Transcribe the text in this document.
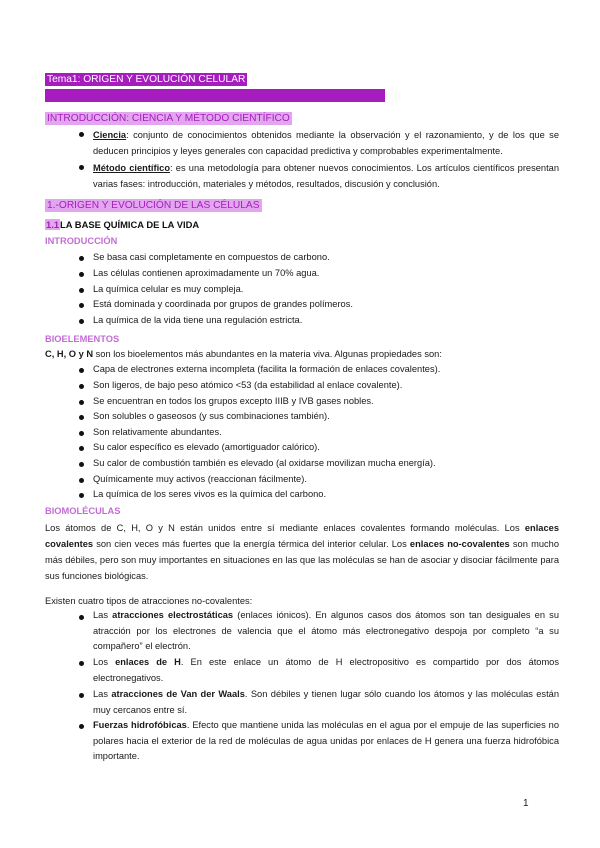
Tema1: ORIGEN Y EVOLUCIÓN CELULAR
INTRODUCCIÓN: CIENCIA Y MÉTODO CIENTÍFICO
Ciencia: conjunto de conocimientos obtenidos mediante la observación y el razonamiento, y de los que se deducen principios y leyes generales con capacidad predictiva y comprobables experimentalmente.
Método científico: es una metodología para obtener nuevos conocimientos. Los artículos científicos presentan varias fases: introducción, materiales y métodos, resultados, discusión y conclusión.
1.-ORIGEN Y EVOLUCIÓN DE LAS CÉLULAS
1.1LA BASE QUÍMICA DE LA VIDA
INTRODUCCIÓN
Se basa casi completamente en compuestos de carbono.
Las células contienen aproximadamente un 70% agua.
La química celular es muy compleja.
Está dominada y coordinada por grupos de grandes polímeros.
La química de la vida tiene una regulación estricta.
BIOELEMENTOS
C, H, O y N son los bioelementos más abundantes en la materia viva. Algunas propiedades son:
Capa de electrones externa incompleta (facilita la formación de enlaces covalentes).
Son ligeros, de bajo peso atómico <53 (da estabilidad al enlace covalente).
Se encuentran en todos los grupos excepto IIIB y IVB gases nobles.
Son solubles o gaseosos (y sus combinaciones también).
Son relativamente abundantes.
Su calor específico es elevado (amortiguador calórico).
Su calor de combustión también es elevado (al oxidarse movilizan mucha energía).
Químicamente muy activos (reaccionan fácilmente).
La química de los seres vivos es la química del carbono.
BIOMOLÉCULAS
Los átomos de C, H, O y N están unidos entre sí mediante enlaces covalentes formando moléculas. Los enlaces covalentes son cien veces más fuertes que la energía térmica del interior celular. Los enlaces no-covalentes son mucho más débiles, pero son muy importantes en situaciones en las que las moléculas se han de asociar y disociar fácilmente para sus funciones biológicas.
Existen cuatro tipos de atracciones no-covalentes:
Las atracciones electrostáticas (enlaces iónicos). En algunos casos dos átomos son tan desiguales en su atracción por los electrones de valencia que el átomo más electronegativo despoja por completo “a su compañero” el electrón.
Los enlaces de H. En este enlace un átomo de H electropositivo es compartido por dos átomos electronegativos.
Las atracciones de Van der Waals. Son débiles y tienen lugar sólo cuando los átomos y las moléculas están muy cercanos entre sí.
Fuerzas hidrofóbicas. Efecto que mantiene unida las moléculas en el agua por el empuje de las superficies no polares hacia el exterior de la red de moléculas de agua unidas por enlaces de H genera una fuerza hidrofóbica importante.
1
